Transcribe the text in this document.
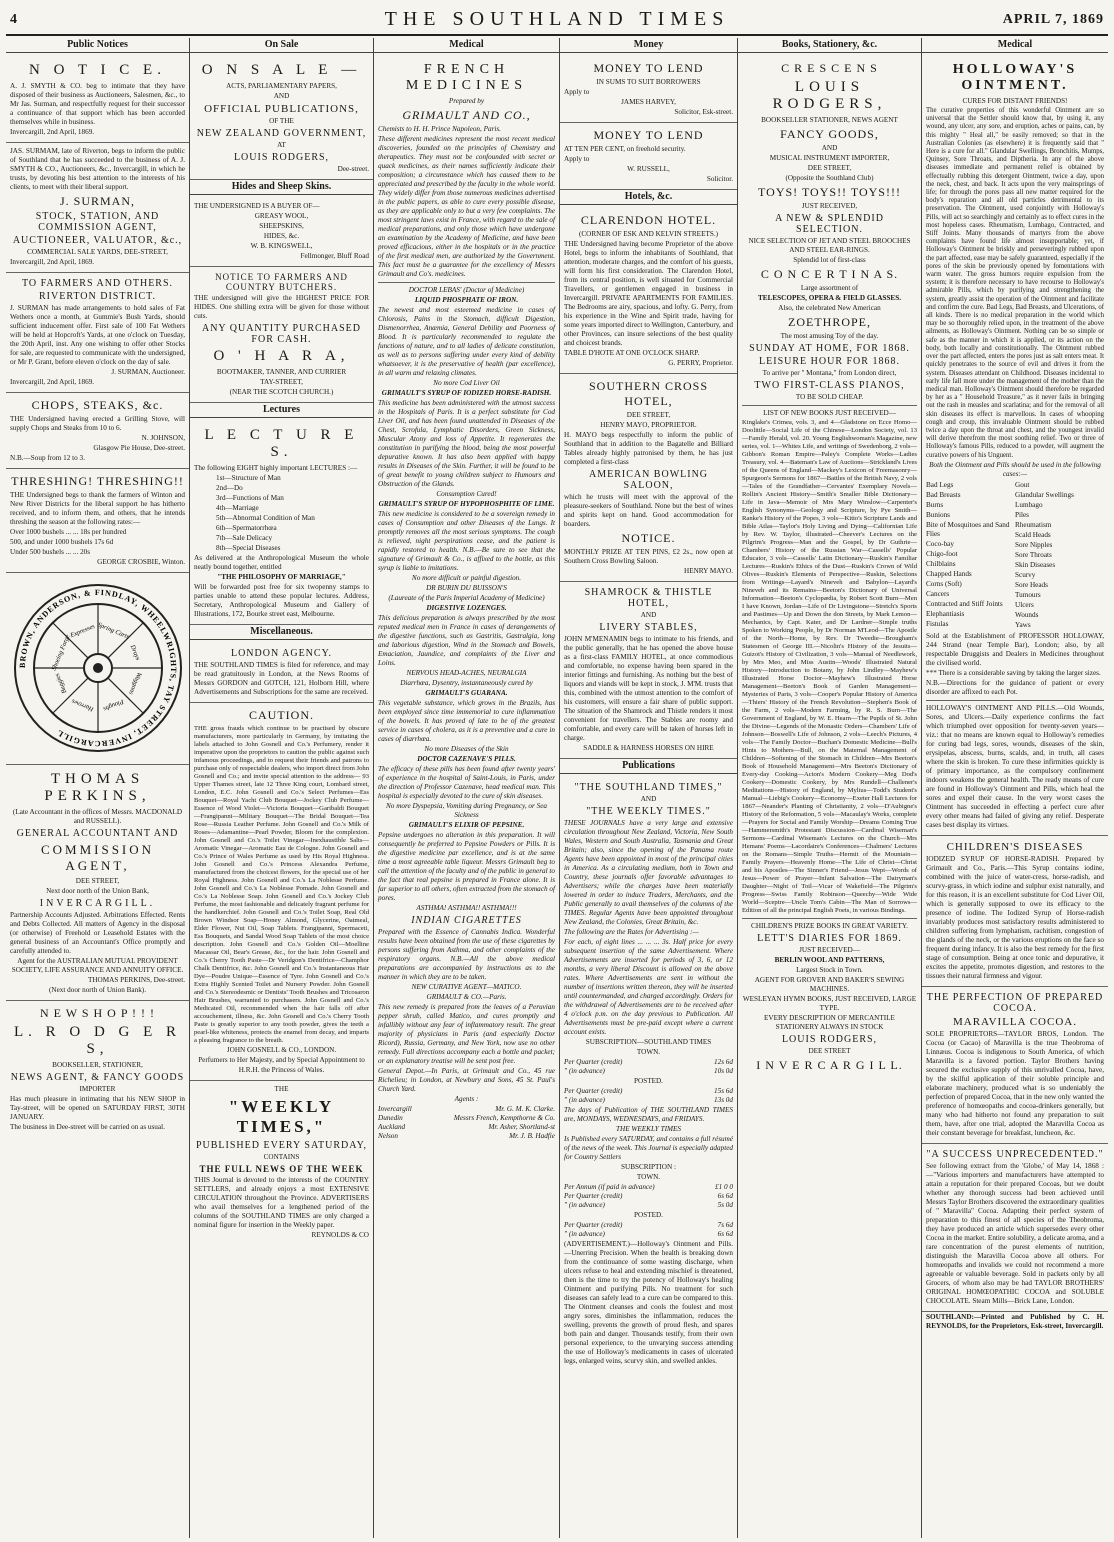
4	THE SOUTHLAND TIMES	APRIL 7, 1869
Public Notices
N O T I C E.
A. J. SMYTH & CO. beg to intimate that they have disposed of their business as Auctioneers, Salesmen, &c., to Mr Jas. Surman, and respectfully request for their successor a continuance of that support which has been accorded themselves while in business.
Invercargill, 2nd April, 1869.
JAS. SURMAM, late of Riverton, begs to inform the public of Southland that he has succeeded to the business of A. J. SMYTH & CO., Auctioneers, &c., Invercargill, in which he trusts, by devoting his best attention to the interests of his clients, to meet with their liberal support.
J. SURMAN,
STOCK, STATION, AND COMMISSION AGENT,
AUCTIONEER, VALUATOR, &c.,
COMMERCIAL SALE YARDS, DEE-STREET,
Invercargill, 2nd April, 1869.
TO FARMERS AND OTHERS.
RIVERTON DISTRICT.
J. SURMAN has made arrangements to hold sales of Fat Wethers once a month, at Gummie's Bush Yards, should sufficient inducement offer. First sale of 100 Fat Wethers will be held at Hopcroft's Yards, at one o'clock on Tuesday, the 20th April, inst. Any one wishing to offer other Stocks for sale, are requested to communicate with the undersigned, or Mr P. Grant, before eleven o'clock on the day of sale.
J. SURMAN, Auctioneer.
Invercargill, 2nd April, 1869.
CHOPS, STEAKS, &c.
THE Undersigned having erected a Grilling Stove, will supply Chops and Steaks from 10 to 6.
N. JOHNSON,
Glasgow Pie House, Dee-street.
N.B.—Soup from 12 to 3.
THRESHING! THRESHING!!
THE Undersigned begs to thank the farmers of Winton and New River Districts for the liberal support he has hitherto received, and to inform them, and others, that he intends threshing the season at the following rates:—
Over 1000 bushels ... ... 18s per hundred
500, and under 1000 bushels 17s 6d
Under 500 bushels ... ... 20s
GEORGE CROSBIE, Winton.
BROWN, ANDERSON, & FINDLAY, WHEELWRIGHTS, TAY STREET, INVERCARGILL
Spring Carts
Drays
Waggons
Ploughs
Harrows
Buggies
Shoeing Forge
Expresses
THOMAS PERKINS,
(Late Accountant in the offices of Messrs. MACDONALD and RUSSELL).
GENERAL ACCOUNTANT AND
COMMISSION AGENT,
DEE STREET,
Next door north of the Union Bank,
INVERCARGILL.
Partnership Accounts Adjusted. Arbitrations Effected. Rents and Debts Collected. All matters of Agency in the disposal (or otherwise) of Freehold or Leasehold Estates with the general business of an Accountant's Office promptly and carefully attended to.
Agent for the AUSTRALIAN MUTUAL PROVIDENT SOCIETY, LIFE ASSURANCE AND ANNUITY OFFICE.
THOMAS PERKINS, Dee-street.
(Next door north of Union Bank).
N E W S H O P ! ! !
L. R O D G E R S,
BOOKSELLER, STATIONER,
NEWS AGENT, & FANCY GOODS
IMPORTER
Has much pleasure in intimating that his NEW SHOP in Tay-street, will be opened on SATURDAY FIRST, 30TH JANUARY.
The business in Dee-street will be carried on as usual.
On Sale
O N S A L E —
ACTS, PARLIAMENTARY PAPERS,
AND
OFFICIAL PUBLICATIONS,
OF THE
NEW ZEALAND GOVERNMENT,
AT
LOUIS RODGERS,
Dee-street.
Hides and Sheep Skins.
THE UNDERSIGNED IS A BUYER OF—
GREASY WOOL,
SHEEPSKINS,
HIDES, &c.
W. B. KINGSWELL,
Fellmonger, Bluff Road
NOTICE TO FARMERS AND COUNTRY BUTCHERS.
THE undersigned will give the HIGHEST PRICE FOR HIDES. One shilling extra will be given for those without cuts.
ANY QUANTITY PURCHASED FOR CASH.
O ' H A R A,
BOOTMAKER, TANNER, AND CURRIER
TAY-STREET,
(NEAR THE SCOTCH CHURCH.)
Lectures
L E C T U R E S.
The following EIGHT highly important LECTURES :—
1st—Structure of Man
2nd—Do
3rd—Functions of Man
4th—Marriage
5th—Abnormal Condition of Man
6th—Spermatorrhœa
7th—Sale Delicacy
8th—Special Diseases
As delivered at the Anthropological Museum the whole neatly bound together, entitled
"THE PHILOSOPHY OF MARRIAGE,"
Will be forwarded post free for six twopenny stamps to parties unable to attend these popular lectures. Address, Secretary, Anthropological Museum and Gallery of Illustrations, 172, Bourke street east, Melbourne.
Miscellaneous.
LONDON AGENCY.
THE SOUTHLAND TIMES is filed for reference, and may be read gratuitously in London, at the News Rooms of Messrs GORDON and GOTCH, 121, Holborn Hill, where Advertisements and Subscriptions for the same are received.
CAUTION.
THE gross frauds which continue to be practised by obscure manufacturers, more particularly in Germany, by imitating the labels attached to John Gosnell and Co.'s Perfumery, render it imperative upon the proprietors to caution the public against such infamous proceedings, and to request their friends and patrons to purchase only of respectable dealers, who import direct from John Gosnell and Co.; and invite special attention to the address— 93 Upper Thames street, late 12 Three King court, Lombard street, London, E.C. John Gosnell and Co.'s Select Perfumes—Ess Bouquet—Royal Yacht Club Bouquet—Jockey Club Perfume—Essence of Wood Violet—Victoria Bouquet—Garibaldi Bouquet—Frangipanni—Military Bouquet—The Bridal Bouquet—Tea Rose—Russia Leather Perfume. John Gosnell and Co.'s Milk of Roses—Adamantine—Pearl Powder, Bloom for the complexion. John Gosnell and Co.'s Toilet Vinegar—Inexhaustible Salts—Aromatic Vinegar—Aromatic Eau de Cologne. John Gosnell and Co.'s Prince of Wales Perfume as used by His Royal Highness. John Gosnell and Co.'s Princess Alexandra Perfume, manufactured from the choicest flowers, for the special use of her Royal Highness. John Gosnell and Co.'s La Noblesse Perfume. John Gosnell and Co.'s La Noblesse Pomade. John Gosnell and Co.'s La Noblesse Soap. John Gosnell and Co.'s Jockey Club Perfume, the most fashionable and delicately fragrant perfume for the handkerchief. John Gosnell and Co.'s Toilet Soap, Real Old Brown Windsor Soap—Honey Almond, Glycerine, Oatmeal, Elder Flower, Nut Oil, Soap Tablets. Frangipanni, Spermaceti, Ess Bouquets, and Sandal Wood Soap Tablets of the most choice description. John Gosnell and Co.'s Golden Oil—Moelline Macassar Oil, Bear's Grease, &c., for the hair. John Gosnell and Co.'s Cherry Tooth Paste—Dr Veridgon's Dentifrice—Champhor Chalk Dentifrice, &c. John Gosnell and Co.'s Instantaneous Hair Dye—Poudre Unique—Essence of Tyre. John Gosnell and Co.'s Extra Highly Scented Toilet and Nursery Powder. John Gosnell and Co.'s Stereodesmic or Dentists' Tooth Brushes and Tricosaron Hair Brushes, warranted to purchasers. John Gosnell and Co.'s Medicated Oil, recommended when the hair falls off after accouchement, illness, &c. John Gosnell and Co.'s Cherry Tooth Paste is greatly superior to any tooth powder, gives the teeth a pearl-like whiteness, protects the enamel from decay, and imparts a pleasing fragrance to the breath.
JOHN GOSNELL & CO., LONDON.
Perfumers to Her Majesty, and by Special Appointment to
H.R.H. the Princess of Wales.
THE
"WEEKLY TIMES,"
PUBLISHED EVERY SATURDAY,
CONTAINS
THE FULL NEWS OF THE WEEK
THIS Journal is devoted to the interests of the COUNTRY SETTLERS, and already enjoys a most EXTENSIVE CIRCULATION throughout the Province. ADVERTISERS who avail themselves for a lengthened period of the columns of the SOUTHLAND TIMES are only charged a nominal figure for insertion in the Weekly paper.
REYNOLDS & CO
Medical
FRENCH MEDICINES
Prepared by
GRIMAULT AND CO.,
Chemists to H. H. Prince Napoleon, Paris.
These different medicines represent the most recent medical discoveries, founded on the principles of Chemistry and therapeutics. They must not be confounded with secret or quack medicines, as their names sufficiently indicate their composition; a circumstance which has caused them to be appreciated and prescribed by the faculty in the whole world. They widely differ from those numerous medicines advertised in the public papers, as able to cure every possible disease, as they are applicable only to but a very few complaints. The most stringent laws exist in France, with regard to the sale of medical preparations, and only those which have undergone an examination by the Academy of Medicine, and have been proved efficacious, either in the hospitals or in the practice of the first medical men, are authorized by the Government. This fact must be a guarantee for the excellency of Messrs Grimault and Co's. medicines.
DOCTOR LEBAS' (Doctor of Medicine)
LIQUID PHOSPHATE OF IRON.
The newest and most esteemed medicine in cases of Chlorosis, Pains in the Stomach, difficult Digestion, Dismenorrhea, Anæmia, General Debility and Poorness of Blood. It is particularly recommended to regulate the functions of nature, and to all ladies of delicate constitution, as well as to persons suffering under every kind of debility whatsoever, it is the preservative of health (par excellence), in all warm and relaxing climates.
No more Cod Liver Oil
GRIMAULT'S SYRUP OF IODIZED HORSE-RADISH.
This medicine has been administered with the utmost success in the Hospitals of Paris. It is a perfect substitute for Cod Liver Oil, and has been found unattended in Diseases of the Chest, Scrofula, Lymphatic Disorders, Green Sickness, Muscular Atony and loss of Appetite. It regenerates the constitution in purifying the blood, being the most powerful depurative known. It has also been applied with happy results in Diseases of the Skin. Further, it will be found to be of great benefit to young children subject to Humours and Obstruction of the Glands.
Consumption Cured!
GRIMAULT'S SYRUP OF HYPOPHOSPHITE OF LIME.
This new medicine is considered to be a sovereign remedy in cases of Consumption and other Diseases of the Lungs. It promptly removes all the most serious symptoms. The cough is relieved, night perspirations cease, and the patient is rapidly restored to health. N.B.—Be sure to see that the signature of Grimault & Co., is affixed to the bottle, as this syrup is liable to imitations.
No more difficult or painful digestion.
DR BURIN DU BUISSON'S
(Laureate of the Paris Imperial Academy of Medicine)
DIGESTIVE LOZENGES.
This delicious preparation is always prescribed by the most reputed medical men in France in cases of derangements of the digestive functions, such as Gastritis, Gastralgia, long and laborious digestion, Wind in the Stomach and Bowels, Emaciation, Jaundice, and complaints of the Liver and Loins.
NERVOUS HEAD-ACHES, NEURALGIA
Diarrhœa, Dysentry, instantaneously cured by
GRIMAULT'S GUARANA.
This vegetable substance, which grows in the Brazils, has been employed since time immemorial to cure inflammation of the bowels. It has proved of late to be of the greatest service in cases of cholera, as it is a preventive and a cure in cases of diarrhœa.
No more Diseases of the Skin
DOCTOR CAZENAVE'S PILLS.
The efficacy of these pills has been found after twenty years' of experience in the hospital of Saint-Louis, in Paris, under the direction of Professor Cazenave, head medical man. This hospital is especially devoted to the cure of skin diseases.
No more Dyspepsia, Vomiting during Pregnancy, or Sea Sickness
GRIMAULT'S ELIXIR OF PEPSINE.
Pepsine undergoes no alteration in this preparation. It will consequently be preferred to Pepsine Powders or Pills. It is the digestive medicine par excellence, and is at the same time a most agreeable table liqueur. Messrs Grimault beg to call the attention of the faculty and of the public in general to the fact that real pepsine is prepared in France alone. It is far superior to all others, often extracted from the stomach of pores.
ASTHMA! ASTHMA!! ASTHMA!!!
INDIAN CIGARETTES
Prepared with the Essence of Cannabis Indica. Wonderful results have been obtained from the use of these cigarettes by persons suffering from Asthma, and other complaints of the respiratory organs. N.B.—All the above medical preparations are accompanied by instructions as to the manner in which they are to be taken.
NEW CURATIVE AGENT—MATICO.
GRIMAULT & CO.—Paris.
This new remedy is prepared from the leaves of a Peruvian pepper shrub, called Matico, and cures promptly and infallibly without any fear of inflammatory result. The great majority of physicians in Paris (and especially Doctor Ricord), Russia, Germany, and New York, now use no other remedy. Full directions accompany each a bottle and packet; or an explanatory treatise will be sent post free.
General Depot.—In Paris, at Grimault and Co., 45 rue Richelieu; in London, at Newbury and Sons, 45 St. Paul's Church Yard.
Agents :
Invercargill	Mr. G. M. K. Clarke.
Dunedin	Messrs French, Kempthorne & Co.
Auckland	Mr. Asher, Shortland-st
Nelson	Mr. J. B. Hadfie
Money
MONEY TO LEND
IN SUMS TO SUIT BORROWERS
Apply to
JAMES HARVEY,
Solicitor, Esk-street.
MONEY TO LEND
AT TEN PER CENT, on freehold security.
Apply to
W. RUSSELL,
Solicitor.
Hotels, &c.
CLARENDON HOTEL.
(CORNER OF ESK AND KELVIN STREETS.)
THE Undersigned having become Proprietor of the above Hotel, begs to inform the inhabitants of Southland, that attention, moderate charges, and the comfort of his guests, will form his first consideration. The Clarendon Hotel, from its central position, is well situated for Commercial Travellers, or gentlemen engaged in business in Invercargill. PRIVATE APARTMENTS FOR FAMILIES. The Bedrooms are airy, spacious, and lofty. G. Perry, from his experience in the Wine and Spirit trade, having for some years imported direct to Wellington, Canterbury, and other Provinces, can insure selections of the best quality and choicest brands.
TABLE D'HOTE AT ONE O'CLOCK SHARP.
G. PERRY, Proprietor.
SOUTHERN CROSS HOTEL,
DEE STREET,
HENRY MAYO, PROPRIETOR.
H. MAYO begs respectfully to inform the public of Southland that in addition to the Bagatelle and Billiard Tables already highly patronised by them, he has just completed a first-class
AMERICAN BOWLING SALOON,
which he trusts will meet with the approval of the pleasure-seekers of Southland. None but the best of wines and spirits kept on hand. Good accommodation for boarders.
NOTICE.
MONTHLY PRIZE AT TEN PINS, £2 2s., now open at Southern Cross Bowling Saloon.
HENRY MAYO.
SHAMROCK & THISTLE HOTEL,
AND
LIVERY STABLES,
JOHN M'MENAMIN begs to intimate to his friends, and the public generally, that he has opened the above house as a first-class FAMILY HOTEL, at once commodious and comfortable, no expense having been spared in the interior fittings and furnishing. As nothing but the best of liquors and viands will be kept in stock, J. M'M. trusts that this, combined with the utmost attention to the comfort of his customers, will ensure a fair share of public support. The situation of the Shamrock and Thistle renders it most convenient for travellers. The Stables are roomy and comfortable, and every care will be taken of horses left in charge.
SADDLE & HARNESS HORSES ON HIRE
Publications
"THE SOUTHLAND TIMES,"
AND
"THE WEEKLY TIMES."
THESE JOURNALS have a very large and extensive circulation throughout New Zealand, Victoria, New South Wales, Western and South Australia, Tasmania and Great Britain; also, since the opening of the Panama route Agents have been appointed in most of the principal cities in America. As a circulating medium, both in Town and Country, these journals offer favorable advantages to Advertisers; while the charges have been materially lowered in order to induce Traders, Merchants, and the Public generally to avail themselves of the columns of the TIMES. Regular Agents have been appointed throughout New Zealand, the Colonies, Great Britain, &c.
The following are the Rates for Advertising :—
For each, of eight lines ... ... ... 3s. Half price for every subsequent insertion of the same Advertisement. Where Advertisements are inserted for periods of 3, 6, or 12 months, a very liberal Discount is allowed on the above rates. Where Advertisements are sent in without the number of insertions written thereon, they will be inserted until countermanded, and charged accordingly. Orders for the withdrawal of Advertisements are to be received after 4 o'clock p.m. on the day previous to Publication. All Advertisements must be pre-paid except where a current account exists.
SUBSCRIPTION—SOUTHLAND TIMES
TOWN.
Per Quarter (credit)	12s 6d
" (in advance)	10s 0d
POSTED.
Per Quarter (credit)	15s 6d
" (in advance)	13s 0d
The days of Publication of THE SOUTHLAND TIMES are, MONDAYS, WEDNESDAYS, and FRIDAYS.
THE WEEKLY TIMES
Is Published every SATURDAY, and contains a full résumé of the news of the week. This Journal is especially adapted for Country Settlers
SUBSCRIPTION :
TOWN.
Per Annum (if paid in advance)	£1 0 0
Per Quarter (credit)	6s 6d
" (in advance)	5s 0d
POSTED.
Per Quarter (credit)	7s 6d
" (in advance)	6s 6d
(ADVERTISEMENT.)—Holloway's Ointment and Pills.—Unerring Precision. When the health is breaking down from the continuance of some wasting discharge, when ulcers refuse to heal and extending mischief is threatened, then is the time to try the potency of Holloway's healing Ointment and purifying Pills. No treatment for such diseases can safely lead to a cure can be compared to this. The Ointment cleanses and cools the foulest and most angry sores, diminishes the inflammation, reduces the swelling, prevents the growth of proud flesh, and spares both pain and danger. Thousands testify, from their own personal experience, to the unvarying success attending the use of Holloway's medicaments in cases of ulcerated legs, enlarged veins, scurvy skin, and swelled ankles.
Books, Stationery, &c.
C R E S C E N S
LOUIS RODGERS,
BOOKSELLER STATIONER, NEWS AGENT
FANCY GOODS,
AND
MUSICAL INSTRUMENT IMPORTER,
DEE STREET,
(Opposite the Southland Club)
TOYS! TOYS!! TOYS!!!
JUST RECEIVED,
A NEW & SPLENDID SELECTION.
NICE SELECTION OF JET AND STEEL BROOCHES AND STEEL EAR-RINGS.
Splendid lot of first-class
C O N C E R T I N A S.
Large assortment of
TELESCOPES, OPERA & FIELD GLASSES.
Also, the celebrated New American
ZOETHROPE,
The most amusing Toy of the day.
SUNDAY AT HOME, FOR 1868.
LEISURE HOUR FOR 1868.
To arrive per " Montana," from London direct,
TWO FIRST-CLASS PIANOS,
TO BE SOLD CHEAP.
LIST OF NEW BOOKS JUST RECEIVED—
Kinglake's Crimea, vols. 3, and 4—Gladstone on Ecce Homo—Doolittle—Social Life of the Chinese—London Society, vol. 13—Family Herald, vol. 20. Young Englishwoman's Magazine, new series, vol. 1—Whites Life, and writings of Swedenborg, 2 vols—Gibbon's Roman Empire—Paley's Complete Works—Ladies Treasury, vol. 4—Bateman's Law of Auctions—Strickland's Lives of the Queens of England—Mackey's Lexicon of Freemasonry—Spurgeon's Sermons for 1867—Battles of the British Navy, 2 vols—Tales of the Grandfather—Cervantes' Exemplary Novels—Rollin's Ancient History—Smith's Smaller Bible Dictionary—Life in Java—Memoir of Mrs Mary Winslow—Carpenter's English Synonyms—Geology and Scripture, by Pye Smith—Ranke's History of the Popes, 3 vols—Kitto's Scripture Lands and Bible Atlas—Taylor's Holy Living and Dying—Californian Life by Rev. W. Taylor, illustrated—Cheever's Lectures on the Pilgrim's Progress—Man and the Gospel, by Dr Guthrie—Chambers' History of the Russian War—Cassells' Popular Educator, 3 vols—Cassells' Latin Dictionary—Ruskin's Familiar Lectures—Ruskin's Ethics of the Dust—Ruskin's Crown of Wild Olives—Ruskin's Elements of Perspective—Ruskin, Selections from Writings—Layard's Nineveh and Babylon—Layard's Nineveh and its Remains—Beeton's Dictionary of Universal Information—Beeton's Cyclopædia, by Robert Scott Burn—Men I have Known, Jordan—Life of Dr Livingstone—Stretch's Sports and Pastimes—Up and Down the don Streets, by Mark Lemon—Mechanics, by Capt. Kater, and Dr Lardner—Simple truths Spoken to Working People, by Dr Norman M'Leod—The Apostle of the North—Home, by Rev. Dr Tweedie—Brougham's Statesmen of George III.—Nicolin's History of the Jesuits—Guizot's History of Civilization, 3 vols—Manual of Needlework, by Mrs Meo, and Miss Austin—Woods' Illustrated Natural History—Introduction to Botany, by John Lindley—Mayhew's Illustrated Horse Doctor—Mayhew's Illustrated Horse Management—Beeton's Book of Garden Management—Mysteries of Paris, 3 vols—Cooper's Popular History of America—Thiers' History of the French Revolution—Stephen's Book of the Farm, 2 vols—Modern Farming, by R. S. Burn—The Government of England, by W. E. Hearn—The Pupils of St. John the Divine—Legends of the Monastic Orders—Chambers' Life of Johnson—Boswell's Life of Johnson, 2 vols—Leech's Pictures, 4 vols—The Family Doctor—Buchan's Domestic Medicine—Bull's Hints to Mothers—Bull, on the Maternal Management of Children—Softening of the Stomach in Children—Mrs Beeton's Book of Household Management—Mrs Beeton's Dictionary of Every-day Cooking—Acton's Modern Cookery—Meg Dod's Cookery—Domestic Cookery, by Mrs Rundell—Challener's Meditations—History of England, by Mylius—Todd's Student's Manual—Liebig's Cookery—Economy—Exeter Hall Lectures for 1867—Neander's Planting of Christianity, 2 vols—D'Aubigne's History of the Reformation, 5 vols—Macaulay's Works, complete—Prayers for Social and Family Worship—Dreams Coming True—Hammersmith's Protestant Discussion—Cardinal Wiseman's Sermons—Cardinal Wiseman's Lectures on the Church—Mrs Hemans' Poems—Lacordaire's Conferences—Chalmers' Lectures on the Romans—Simple Truths—Hermit of the Mountain—Family Prayers—Heavenly Home—The Life of Christ—Christ and his Apostles—The Sinner's Friend—Jesus Wept—Words of Jesus—Power of Prayer—Infant Salvation—The Dairyman's Daughter—Night of Toil—Vicar of Wakefield—The Pilgrim's Progress—Swiss Family Robinson—Queechy—Wide Wide World—Sceptre—Uncle Tom's Cabin—The Man of Sorrows—Edition of all the principal English Poets, in various Bindings.
CHILDREN'S PRIZE BOOKS IN GREAT VARIETY.
LETT'S DIARIES FOR 1869.
JUST RECEIVED—
BERLIN WOOL AND PATTERNS,
Largest Stock in Town.
AGENT FOR GROVER AND BAKER'S SEWING MACHINES.
WESLEYAN HYMN BOOKS, JUST RECEIVED, LARGE TYPE.
EVERY DESCRIPTION OF MERCANTILE STATIONERY ALWAYS IN STOCK
LOUIS RODGERS,
DEE STREET
I N V E R C A R G I L L.
Medical
HOLLOWAY'S OINTMENT.
CURES FOR DISTANT FRIENDS!
The curative properties of this wonderful Ointment are so universal that the Settler should know that, by using it, any wound, any ulcer, any sore, and eruption, aches or pains, can, by this mighty " Heal all," be easily removed; so that in the Australian Colonies (as elsewhere) it is frequently said that " Here is a cure for all." Glandular Swellings, Bronchitis, Mumps, Quinsey, Sore Throats, and Diptheria. In any of the above diseases immediate and permanent relief is obtained by effectually rubbing this detergent Ointment, twice a day, upon the neck, chest, and back. It acts upon the very mainsprings of life; for through the pores pass all new matter required for the body's reparation and all old particles detrimental to its preservation. The Ointment, used conjointly with Holloway's Pills, will act so searchingly and certainly as to effect cures in the most hopeless cases. Rheumatism, Lumbago, Contracted, and Stiff Joints. Many thousands of martyrs from the above complaints have found life almost insupportable; yet, if Holloway's Ointment be briskly and perseveringly rubbed upon the part affected, ease may be safely guaranteed, especially if the pores of the skin be previously opened by fomentations with warm water. The gross humors require expulsion from the system; it is therefore necessary to have recourse to Holloway's admirable Pills, which by purifying and strengthening the system, greatly assist the operation of the Ointment and facilitate and confirm the cure. Bad Legs, Bad Breasts, and Ulcerations, of all kinds. There is no medical preparation in the world which may be so thoroughly relied upon, in the treatment of the above ailments, as Holloway's Ointment. Nothing can be so simple or safe as the manner in which it is applied, or its action on the body, both locally and constitutionally. The Ointment rubbed over the part affected, enters the pores just as salt enters meat. It quickly penetrates to the source of evil and drives it from the system. Diseases attendant on Childhood. Diseases incidental to early life fall more under the management of the mother than the medical man. Holloway's Ointment should therefore be regarded by her as a " Household Treasure," as it never fails in bringing out the rash in measles and scarlatina; and for the removal of all skin diseases its effect is marvellous. In cases of whooping cough and croup, this invaluable Ointment should be rubbed twice a day upon the throat and chest, and the youngest invalid will derive therefrom the most soothing relief. Two or three of Holloway's famous Pills, reduced to a powder, will augment the curative powers of his Unguent.
Both the Ointment and Pills should be used in the following cases:—
Bad Legs
Bad Breasts
Burns
Bunions
Bite of Mosquitoes and Sand Flies
Coco-bay
Chigo-foot
Chilblains
Chapped Hands
Corns (Soft)
Cancers
Contracted and Stiff Joints
Elephantiasis
Fistulas
Gout
Glandular Swellings
Lumbago
Piles
Rheumatism
Scald Heads
Sore Nipples
Sore Throats
Skin Diseases
Scurvy
Sore Heads
Tumours
Ulcers
Wounds
Yaws
Sold at the Establishment of PROFESSOR HOLLOWAY, 244 Strand (near Temple Bar), London; also, by all respectable Druggists and Dealers in Medicines throughout the civilised world.
*** There is a considerable saving by taking the larger sizes.
N.B.—Directions for the guidance of patient or every disorder are affixed to each Pot.
HOLLOWAY'S OINTMENT AND PILLS.—Old Wounds, Sores, and Ulcers.—Daily experience confirms the fact which triumphed over opposition for twenty-seven years—viz.: that no means are known equal to Holloway's remedies for curing bad legs, sores, wounds, diseases of the skin, erysipelas, abscess, burns, scalds, and, in truth, all cases where the skin is broken. To cure these infirmities quickly is of primary importance, as the compulsory confinement indoors weakens the general health. The ready means of cure are found in Holloway's Ointment and Pills, which heal the sores and expel their cause. In the very worst cases the Ointment has succeeded in effecting a perfect cure after every other means had failed of giving any relief. Desperate cases best display its virtues.
CHILDREN'S DISEASES
IODIZED SYRUP OF HORSE-RADISH. Prepared by Grimault and Co., Paris.—This Syrup contains iodine, combined with the juice of water-cress, horse-radish, and scurvy-grass, in which iodine and sulphur exist naturally, and for this reason, it is an excellent substitute for Cod Liver Oil, which is generally supposed to owe its efficacy to the presence of iodine. The Iodized Syrup of Horse-radish invariably produces most satisfactory results administered to children suffering from lymphatism, rachitism, congestion of the glands of the neck, or the various eruptions on the face so frequent during infancy. It is also the best remedy for the first stage of consumption. Being at once tonic and depurative, it excites the appetite, promotes digestion, and restores to the tissues their natural firmness and vigour.
THE PERFECTION OF PREPARED COCOA.
MARAVILLA COCOA.
SOLE PROPRIETORS—TAYLOR BROS, London. The Cocoa (or Cacao) of Maravilla is the true Theobroma of Linnæus. Cocoa is indigenous to South America, of which Maravilla is a favored portion. Taylor Brothers having secured the exclusive supply of this unrivalled Cocoa, have, by the skilful application of their soluble principle and elaborate machinery, produced what is so undeniably the perfection of prepared Cocoa, that in the new only wanted the preference of homœopaths and cocoa-drinkers generally, but many who had hitherto not found any preparation to suit them, have, after one trial, adopted the Maravilla Cocoa as their constant beverage for breakfast, luncheon, &c.
"A SUCCESS UNPRECEDENTED."
See following extract from the 'Globe,' of May 14, 1868 :—"Various importers and manufacturers have attempted to attain a reputation for their prepared Cocoas, but we doubt whether any thorough success had been achieved until Messrs Taylor Brothers discovered the extraordinary qualities of " Maravilla" Cocoa. Adapting their perfect system of preparation to this finest of all species of the Theobroma, they have produced an article which supersedes every other Cocoa in the market. Entire solubility, a delicate aroma, and a rare concentration of the purest elements of nutrition, distinguish the Maravilla Cocoa above all others. For homœopaths and invalids we could not recommend a more agreeable or valuable beverage. Sold in packets only by all Grocers, of whom also may be had TAYLOR BROTHERS' ORIGINAL HOMŒOPATHIC COCOA and SOLUBLE CHOCOLATE. Steam Mills—Brick Lane, London.
SOUTHLAND:—Printed and Published by C. H. REYNOLDS, for the Proprietors, Esk-street, Invercargill.
